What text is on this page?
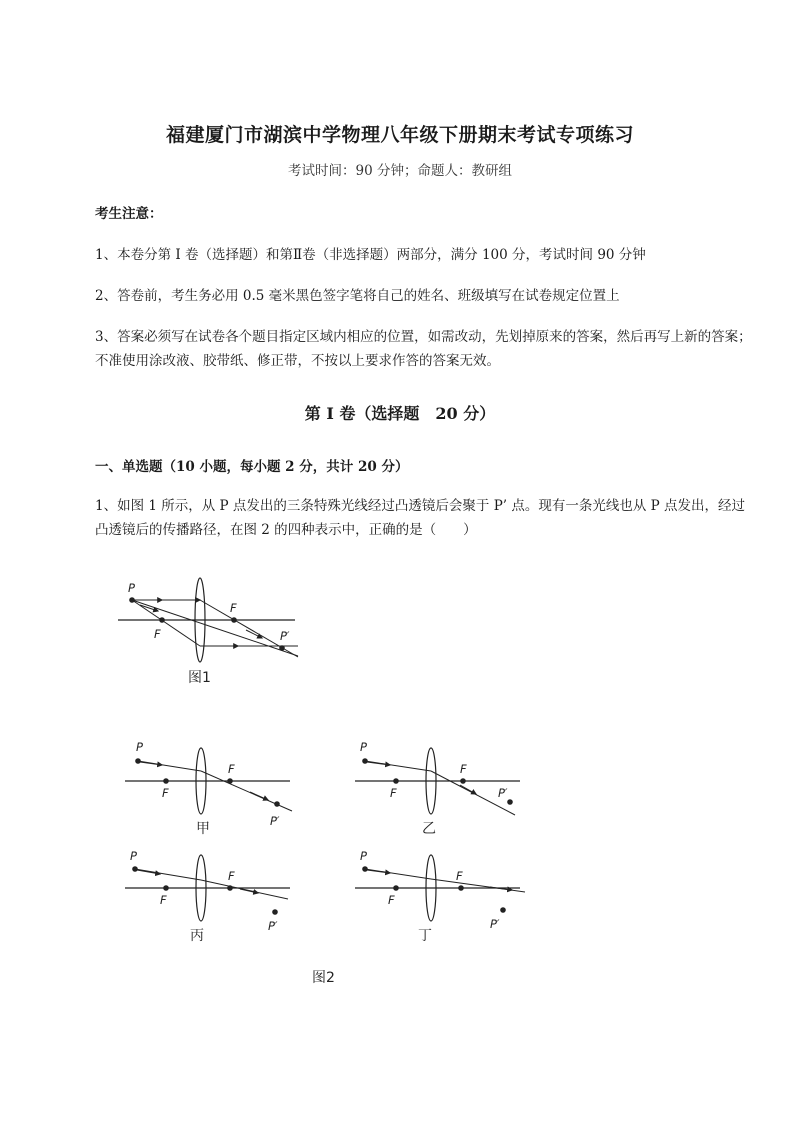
福建厦门市湖滨中学物理八年级下册期末考试专项练习
考试时间：90 分钟；命题人：教研组
考生注意：
1、本卷分第 I 卷（选择题）和第Ⅱ卷（非选择题）两部分，满分 100 分，考试时间 90 分钟
2、答卷前，考生务必用 0.5 毫米黑色签字笔将自己的姓名、班级填写在试卷规定位置上
3、答案必须写在试卷各个题目指定区域内相应的位置，如需改动，先划掉原来的答案，然后再写上新的答案；不准使用涂改液、胶带纸、修正带，不按以上要求作答的答案无效。
第 I 卷（选择题　20 分）
一、单选题（10 小题，每小题 2 分，共计 20 分）
1、如图 1 所示，从 P 点发出的三条特殊光线经过凸透镜后会聚于 P’ 点。现有一条光线也从 P 点发出，经过凸透镜后的传播路径，在图 2 的四种表示中，正确的是（　　）
P
F
F
P′
图1
P
F
F
P′
甲
P
F
F
P′
乙
P
F
F
P′
丙
P
F
F
P′
丁
图2
